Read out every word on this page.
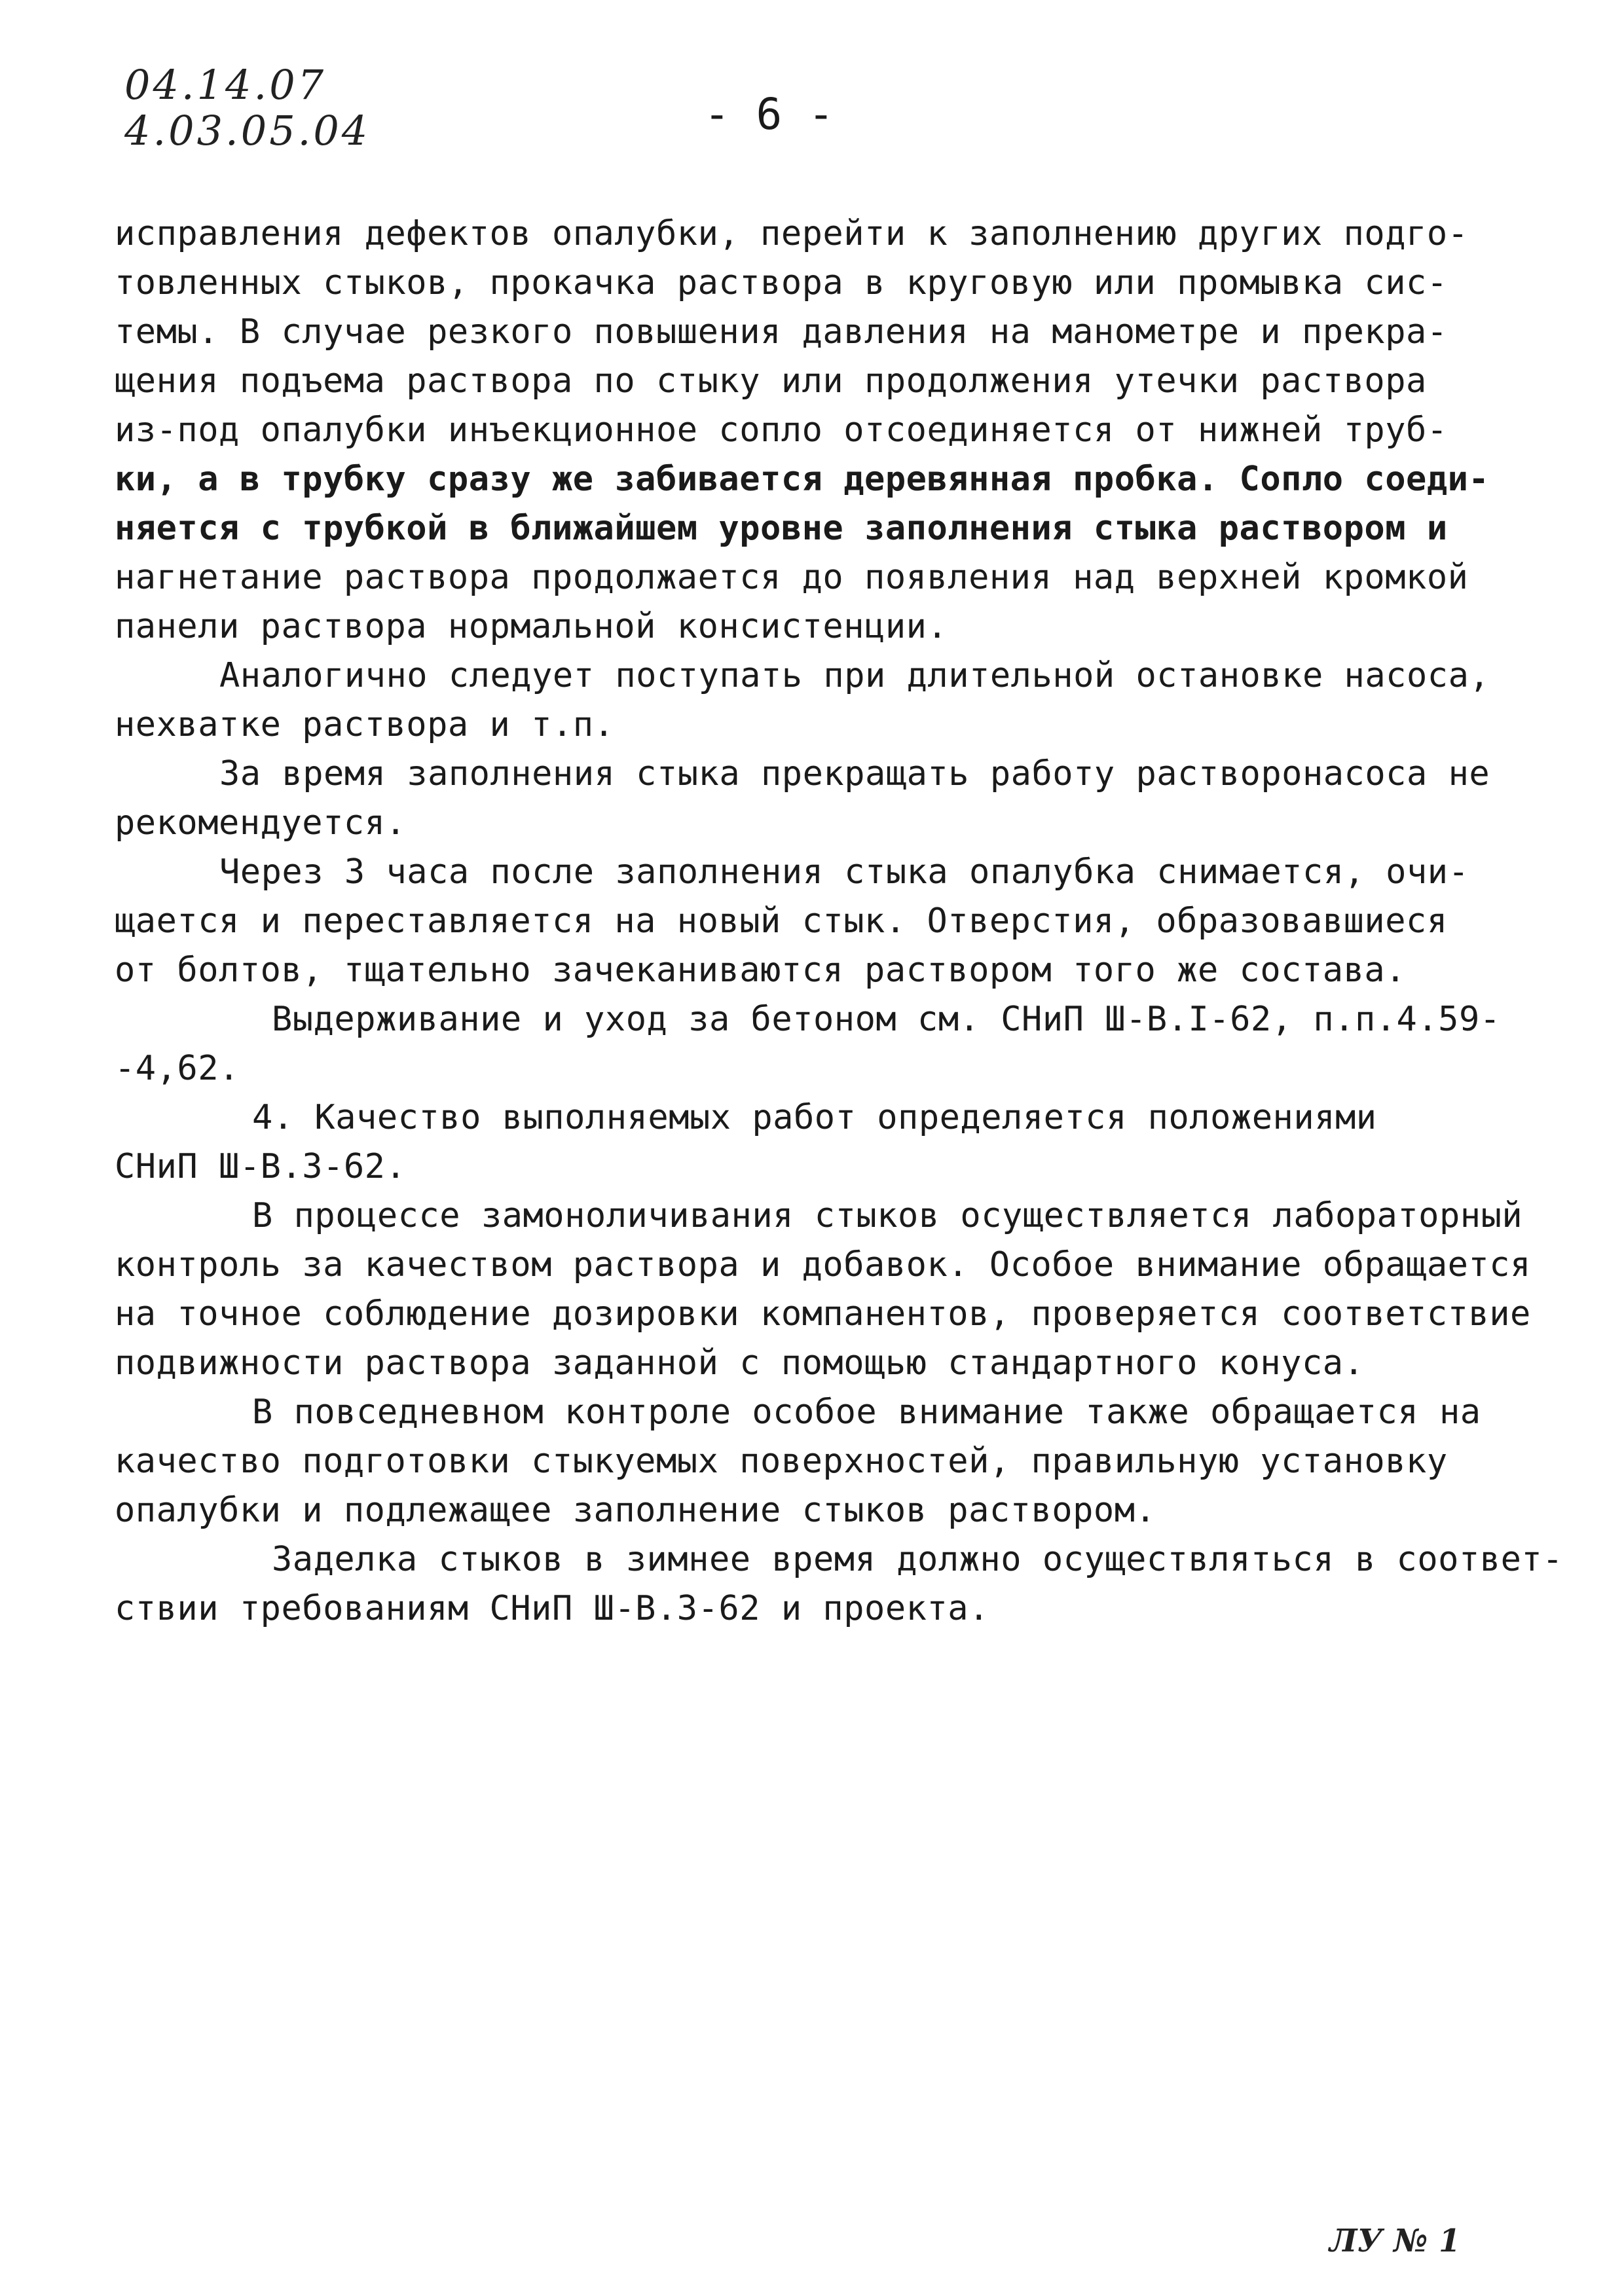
04.14.07
4.03.05.04	- 6 -
исправления дефектов опалубки, перейти к заполнению других подго-
товленных стыков, прокачка раствора в круговую или промывка сис-
темы. В случае резкого повышения давления на манометре и прекра-
щения подъема раствора по стыку или продолжения утечки раствора
из-под опалубки инъекционное сопло отсоединяется от нижней труб-
ки, а в трубку сразу же забивается деревянная пробка. Сопло соеди-
няется с трубкой в ближайшем уровне заполнения стыка раствором и
нагнетание раствора продолжается до появления над верхней кромкой
панели раствора нормальной консистенции.
Аналогично следует поступать при длительной остановке насоса,
нехватке раствора и т.п.
За время заполнения стыка прекращать работу растворонасоса не
рекомендуется.
Через 3 часа после заполнения стыка опалубка снимается, очи-
щается и переставляется на новый стык. Отверстия, образовавшиеся
от болтов, тщательно зачеканиваются раствором того же состава.
Выдерживание и уход за бетоном см. СНиП Ш-В.I-62, п.п.4.59-
-4,62.
4. Качество выполняемых работ определяется положениями
СНиП Ш-В.3-62.
В процессе замоноличивания стыков осуществляется лабораторный
контроль за качеством раствора и добавок. Особое внимание обращается
на точное соблюдение дозировки компанентов, проверяется соответствие
подвижности раствора заданной с помощью стандартного конуса.
В повседневном контроле особое внимание также обращается на
качество подготовки стыкуемых поверхностей, правильную установку
опалубки и подлежащее заполнение стыков раствором.
Заделка стыков в зимнее время должно осуществляться в соответ-
ствии требованиям СНиП Ш-В.3-62 и проекта.
ЛУ № 1
